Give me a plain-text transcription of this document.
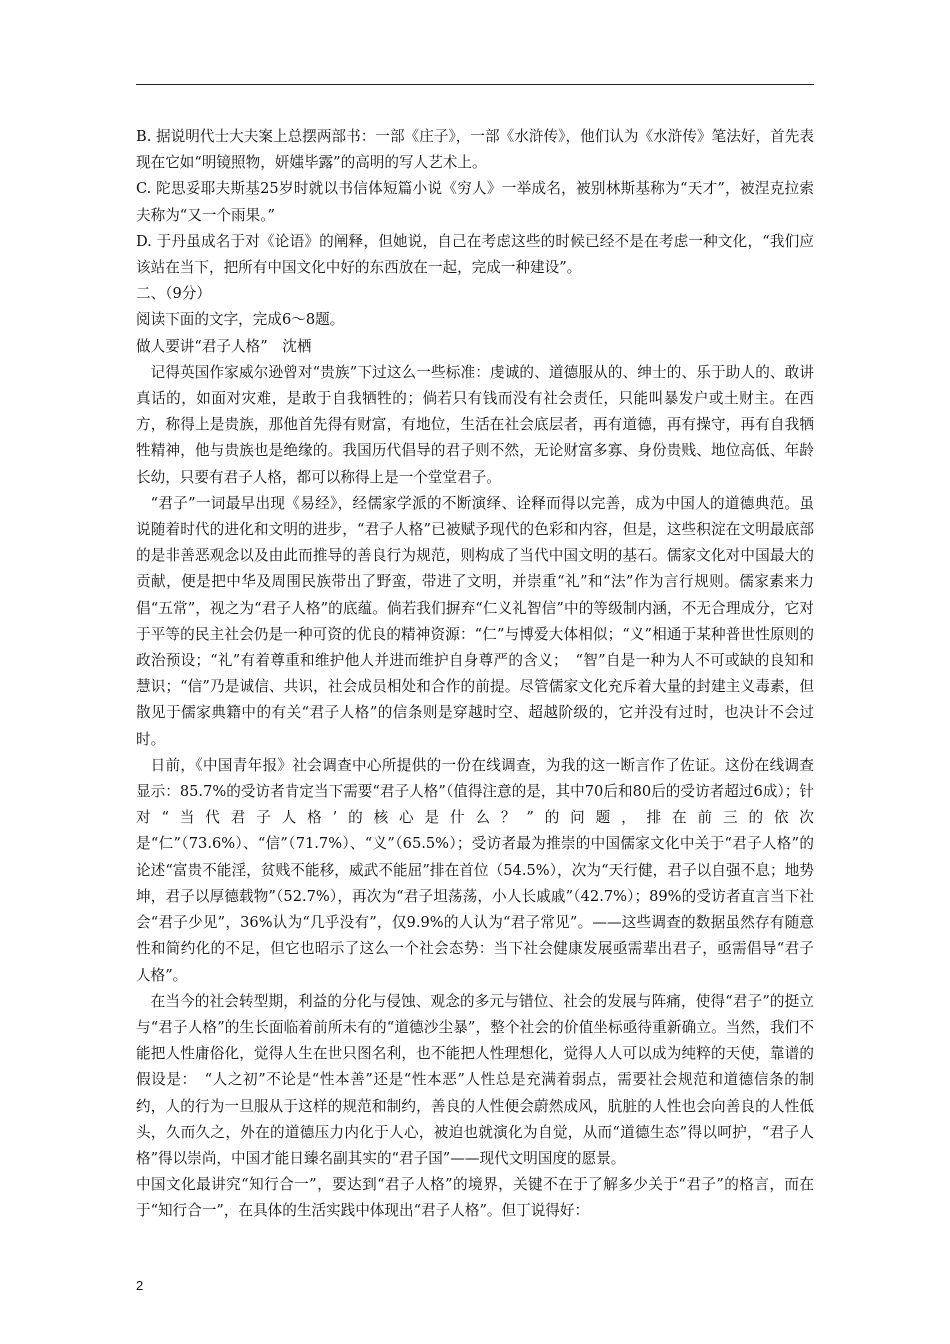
B. 据说明代士大夫案上总摆两部书：一部《庄子》，一部《水浒传》，他们认为《水浒传》笔法好，首先表现在它如“明镜照物，妍媸毕露”的高明的写人艺术上。

C. 陀思妥耶夫斯基25岁时就以书信体短篇小说《穷人》一举成名，被别林斯基称为“天才”，被涅克拉索夫称为“又一个雨果。”

D. 于丹虽成名于对《论语》的阐释，但她说，自己在考虑这些的时候已经不是在考虑一种文化，“我们应该站在当下，把所有中国文化中好的东西放在一起，完成一种建设”。

二、（9分）

阅读下面的文字，完成6～8题。

做人要讲“君子人格”　沈栖

记得英国作家威尔逊曾对“贵族”下过这么一些标准：虔诚的、道德服从的、绅士的、乐于助人的、敢讲真话的，如面对灾难，是敢于自我牺牲的；倘若只有钱而没有社会责任，只能叫暴发户或土财主。在西方，称得上是贵族，那他首先得有财富，有地位，生活在社会底层者，再有道德，再有操守，再有自我牺牲精神，他与贵族也是绝缘的。我国历代倡导的君子则不然，无论财富多寡、身份贵贱、地位高低、年龄长幼，只要有君子人格，都可以称得上是一个堂堂君子。

“君子”一词最早出现《易经》，经儒家学派的不断演绎、诠释而得以完善，成为中国人的道德典范。虽说随着时代的进化和文明的进步，“君子人格”已被赋予现代的色彩和内容，但是，这些积淀在文明最底部的是非善恶观念以及由此而推导的善良行为规范，则构成了当代中国文明的基石。儒家文化对中国最大的贡献，便是把中华及周围民族带出了野蛮，带进了文明，并崇重“礼”和“法”作为言行规则。儒家素来力倡“五常”，视之为“君子人格”的底蕴。倘若我们摒弃“仁义礼智信”中的等级制内涵，不无合理成分，它对于平等的民主社会仍是一种可资的优良的精神资源：“仁”与博爱大体相似；“义”相通于某种普世性原则的政治预设；“礼”有着尊重和维护他人并进而维护自身尊严的含义；　“智”自是一种为人不可或缺的良知和慧识；“信”乃是诚信、共识，社会成员相处和合作的前提。尽管儒家文化充斥着大量的封建主义毒素，但散见于儒家典籍中的有关“君子人格”的信条则是穿越时空、超越阶级的，它并没有过时，也决计不会过时。

日前，《中国青年报》社会调查中心所提供的一份在线调查，为我的这一断言作了佐证。这份在线调查显示：85.7%的受访者肯定当下需要“君子人格”（值得注意的是，其中70后和80后的受访者超过6成）；针对“当代君子人格’的核心是什么？”的问题，排在前三的依次是“仁”（73.6%）、“信”（71.7%）、“义”（65.5%）；受访者最为推崇的中国儒家文化中关于“君子人格”的论述“富贵不能淫，贫贱不能移，威武不能屈”排在首位（54.5%），次为“天行健，君子以自强不息；地势坤，君子以厚德载物”（52.7%），再次为“君子坦荡荡，小人长戚戚”（42.7%）；89%的受访者直言当下社会“君子少见”，36%认为“几乎没有”，仅9.9%的人认为“君子常见”。——这些调查的数据虽然存有随意性和简约化的不足，但它也昭示了这么一个社会态势：当下社会健康发展亟需辈出君子，亟需倡导“君子人格”。

在当今的社会转型期，利益的分化与侵蚀、观念的多元与错位、社会的发展与阵痛，使得“君子”的挺立与“君子人格”的生长面临着前所未有的“道德沙尘暴”，整个社会的价值坐标亟待重新确立。当然，我们不能把人性庸俗化，觉得人生在世只图名利，也不能把人性理想化，觉得人人可以成为纯粹的天使，靠谱的假设是：　“人之初”不论是“性本善”还是“性本恶”人性总是充满着弱点，需要社会规范和道德信条的制约，人的行为一旦服从于这样的规范和制约，善良的人性便会蔚然成风，肮脏的人性也会向善良的人性低头，久而久之，外在的道德压力内化于人心，被迫也就演化为自觉，从而“道德生态”得以呵护，“君子人格”得以崇尚，中国才能日臻名副其实的“君子国”——现代文明国度的愿景。

中国文化最讲究“知行合一”，要达到“君子人格”的境界，关键不在于了解多少关于“君子”的格言，而在于“知行合一”，在具体的生活实践中体现出“君子人格”。但丁说得好：

2
